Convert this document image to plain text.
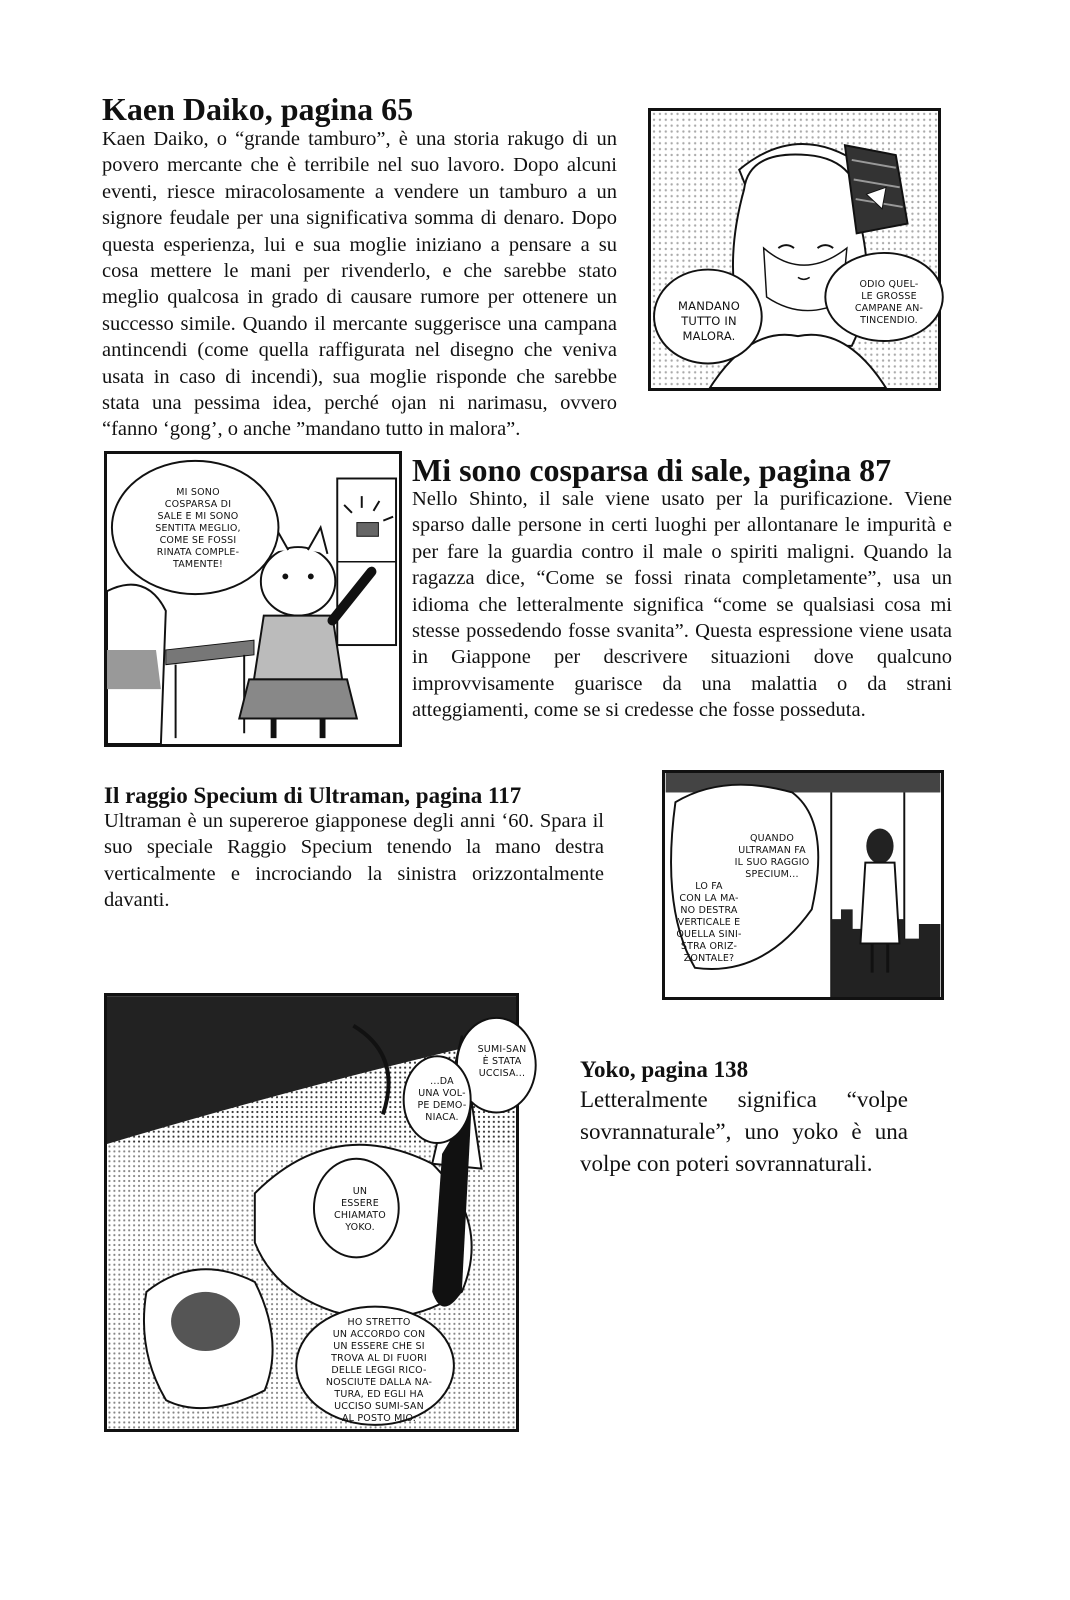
Kaen Daiko, pagina 65
Kaen Daiko, o “grande tamburo”, è una storia rakugo di un povero mercante che è terribile nel suo lavoro. Dopo alcuni eventi, riesce miracolosamente a vendere un tamburo a un signore feudale per una significativa somma di denaro. Dopo questa esperienza, lui e sua moglie iniziano a pensare a su cosa mettere le mani per rivenderlo, e che sarebbe stato meglio qualcosa in grado di causare rumore per ottenere un successo simile. Quando il mercante suggerisce una campana antincendi (come quella raffigurata nel disegno che veniva usata in caso di incendi), sua moglie risponde che sarebbe stata una pessima idea, perché ojan ni narimasu, ovvero “fanno ‘gong’, o anche ”mandano tutto in malora”.
MANDANO
TUTTO IN
MALORA.
ODIO QUEL-
LE GROSSE
CAMPANE AN-
TINCENDIO.
MI SONO
COSPARSA DI
SALE E MI SONO
SENTITA MEGLIO,
COME SE FOSSI
RINATA COMPLE-
TAMENTE!
Mi sono cosparsa di sale, pagina 87
Nello Shinto, il sale viene usato per la purificazione. Viene sparso dalle persone in certi luoghi per allontanare le impurità e per fare la guardia contro il male o spiriti maligni. Quando la ragazza dice, “Come se fossi rinata completamente”, usa un idioma che letteralmente significa “come se qualsiasi cosa mi stesse possedendo fosse svanita”. Questa espressione viene usata in Giappone per descrivere situazioni dove qualcuno improvvisamente guarisce da una malattia o da strani atteggiamenti, come se si credesse che fosse posseduta.
Il raggio Specium di Ultraman, pagina 117
Ultraman è un supereroe giapponese degli anni ‘60. Spara il suo speciale Raggio Specium tenendo la mano destra verticalmente e incrociando la sinistra orizzontalmente davanti.
QUANDO
ULTRAMAN FA
IL SUO RAGGIO
SPECIUM...
LO FA
CON LA MA-
NO DESTRA
VERTICALE E
QUELLA SINI-
STRA ORIZ-
ZONTALE?
SUMI-SAN
È STATA
UCCISA...
...DA
UNA VOL-
PE DEMO-
NIACA.
UN
ESSERE
CHIAMATO
YOKO.
HO STRETTO
UN ACCORDO CON
UN ESSERE CHE SI
TROVA AL DI FUORI
DELLE LEGGI RICO-
NOSCIUTE DALLA NA-
TURA, ED EGLI HA
UCCISO SUMI-SAN
AL POSTO MIO.
Yoko, pagina 138
Letteralmente significa “volpe sovrannaturale”, uno yoko è una volpe con poteri sovrannaturali.
